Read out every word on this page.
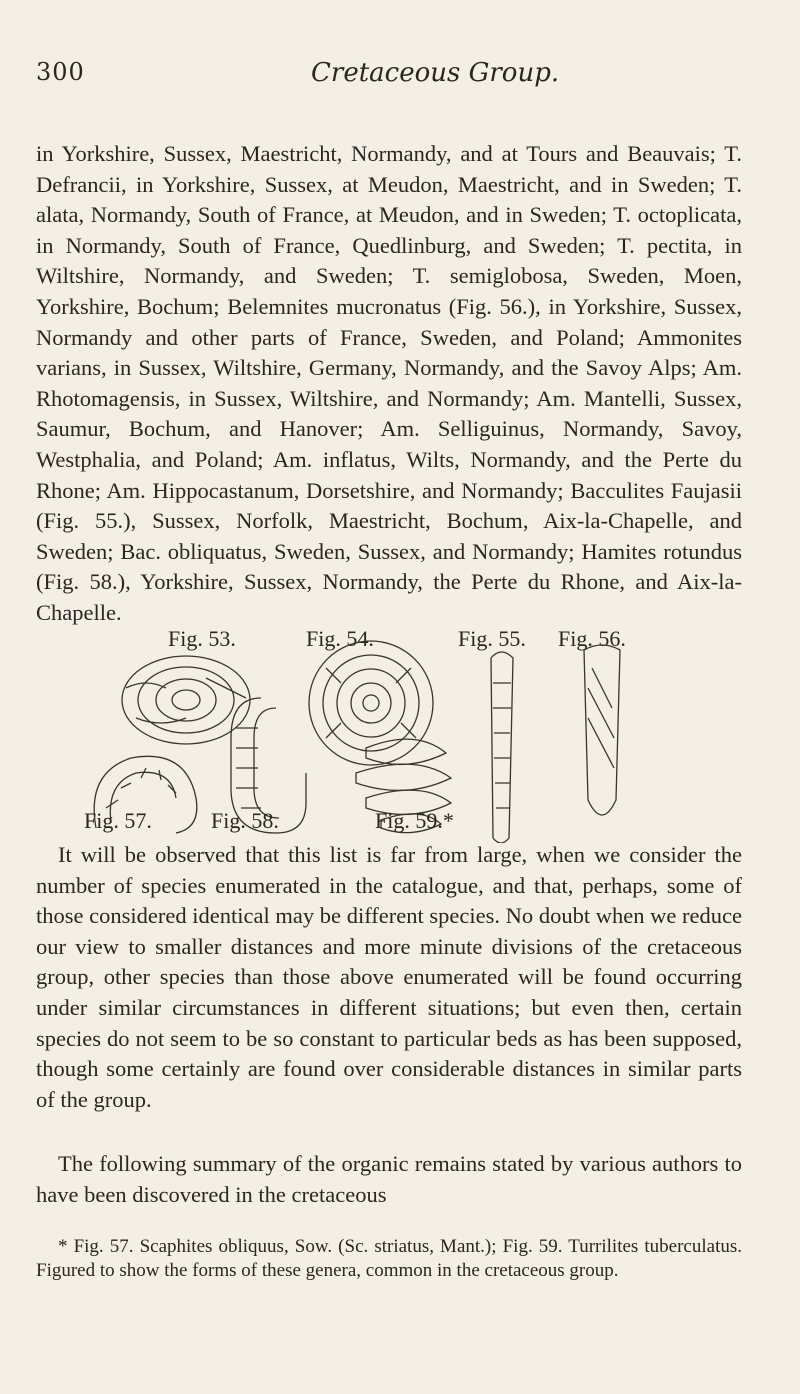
300	Cretaceous Group.
in Yorkshire, Sussex, Maestricht, Normandy, and at Tours and Beauvais; T. Defrancii, in Yorkshire, Sussex, at Meudon, Maestricht, and in Sweden; T. alata, Normandy, South of France, at Meudon, and in Sweden; T. octoplicata, in Normandy, South of France, Quedlinburg, and Sweden; T. pectita, in Wiltshire, Normandy, and Sweden; T. semiglobosa, Sweden, Moen, Yorkshire, Bochum; Belemnites mucronatus (Fig. 56.), in Yorkshire, Sussex, Normandy and other parts of France, Sweden, and Poland; Ammonites varians, in Sussex, Wiltshire, Germany, Normandy, and the Savoy Alps; Am. Rhotomagensis, in Sussex, Wiltshire, and Normandy; Am. Mantelli, Sussex, Saumur, Bochum, and Hanover; Am. Selliguinus, Normandy, Savoy, Westphalia, and Poland; Am. inflatus, Wilts, Normandy, and the Perte du Rhone; Am. Hippocastanum, Dorsetshire, and Normandy; Bacculites Faujasii (Fig. 55.), Sussex, Norfolk, Maestricht, Bochum, Aix-la-Chapelle, and Sweden; Bac. obliquatus, Sweden, Sussex, and Normandy; Hamites rotundus (Fig. 58.), Yorkshire, Sussex, Normandy, the Perte du Rhone, and Aix-la-Chapelle.
Fig. 53.	Fig. 54.	Fig. 55. Fig. 56.
Fig. 57.	Fig. 58.	Fig. 59.*
It will be observed that this list is far from large, when we consider the number of species enumerated in the catalogue, and that, perhaps, some of those considered identical may be different species. No doubt when we reduce our view to smaller distances and more minute divisions of the cretaceous group, other species than those above enumerated will be found occurring under similar circumstances in different situations; but even then, certain species do not seem to be so constant to particular beds as has been supposed, though some certainly are found over considerable distances in similar parts of the group.
The following summary of the organic remains stated by various authors to have been discovered in the cretaceous
* Fig. 57. Scaphites obliquus, Sow. (Sc. striatus, Mant.); Fig. 59. Turrilites tuberculatus. Figured to show the forms of these genera, common in the cretaceous group.
